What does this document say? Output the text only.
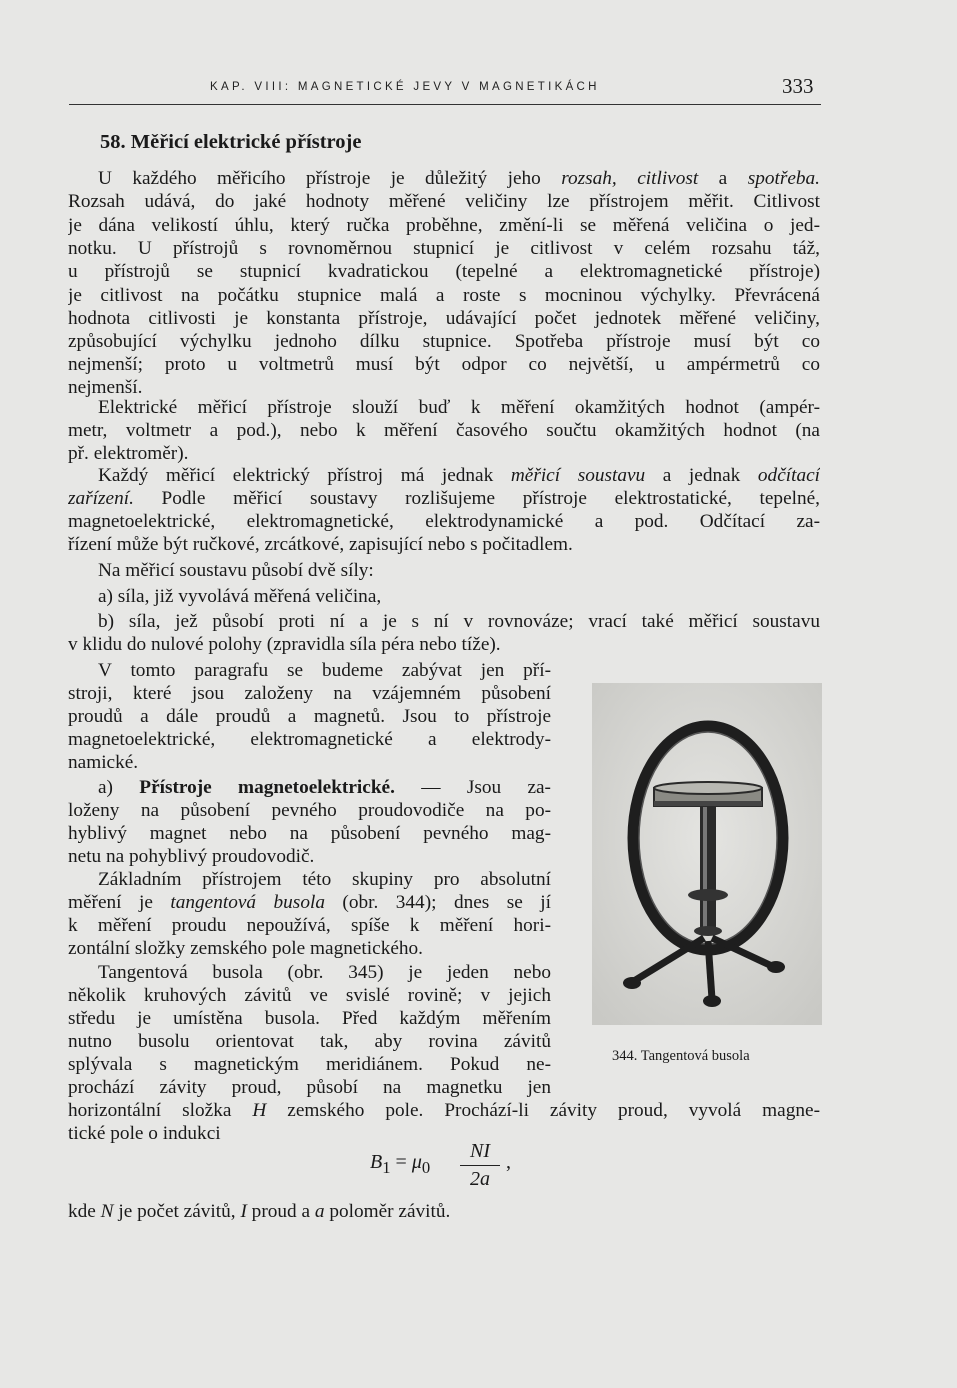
KAP. VIII: MAGNETICKÉ JEVY V MAGNETIKÁCH	333
58. Měřicí elektrické přístroje
U každého měřicího přístroje je důležitý jeho rozsah, citlivost a spotřeba.
Rozsah udává, do jaké hodnoty měřené veličiny lze přístrojem měřit. Citlivost
je dána velikostí úhlu, který ručka proběhne, změní-li se měřená veličina o jed-
notku. U přístrojů s rovnoměrnou stupnicí je citlivost v celém rozsahu táž,
u přístrojů se stupnicí kvadratickou (tepelné a elektromagnetické přístroje)
je citlivost na počátku stupnice malá a roste s mocninou výchylky. Převrácená
hodnota citlivosti je konstanta přístroje, udávající počet jednotek měřené veličiny,
způsobující výchylku jednoho dílku stupnice. Spotřeba přístroje musí být co
nejmenší; proto u voltmetrů musí být odpor co největší, u ampérmetrů co
nejmenší.
Elektrické měřicí přístroje slouží buď k měření okamžitých hodnot (ampér-
metr, voltmetr a pod.), nebo k měření časového součtu okamžitých hodnot (na
př. elektroměr).
Každý měřicí elektrický přístroj má jednak měřicí soustavu a jednak odčítací
zařízení. Podle měřicí soustavy rozlišujeme přístroje elektrostatické, tepelné,
magnetoelektrické, elektromagnetické, elektrodynamické a pod. Odčítací za-
řízení může být ručkové, zrcátkové, zapisující nebo s počitadlem.
Na měřicí soustavu působí dvě síly:
a) síla, již vyvolává měřená veličina,
b) síla, jež působí proti ní a je s ní v rovnováze; vrací také měřicí soustavu
v klidu do nulové polohy (zpravidla síla péra nebo tíže).
V tomto paragrafu se budeme zabývat jen pří-
stroji, které jsou založeny na vzájemném působení
proudů a dále proudů a magnetů. Jsou to přístroje
magnetoelektrické, elektromagnetické a elektrody-
namické.
a) Přístroje magnetoelektrické. — Jsou za-
loženy na působení pevného proudovodiče na po-
hyblivý magnet nebo na působení pevného mag-
netu na pohyblivý proudovodič.
Základním přístrojem této skupiny pro absolutní
měření je tangentová busola (obr. 344); dnes se jí
k měření proudu nepoužívá, spíše k měření hori-
zontální složky zemského pole magnetického.
Tangentová busola (obr. 345) je jeden nebo
několik kruhových závitů ve svislé rovině; v jejich
středu je umístěna busola. Před každým měřením
nutno busolu orientovat tak, aby rovina závitů
splývala s magnetickým meridiánem. Pokud ne-
prochází závity proud, působí na magnetku jen
horizontální složka H zemského pole. Prochází-li závity proud, vyvolá magne-
tické pole o indukci
344. Tangentová busola
$B_1 = \mu_0$
NI
2a
,
kde N je počet závitů, I proud a a poloměr závitů.
